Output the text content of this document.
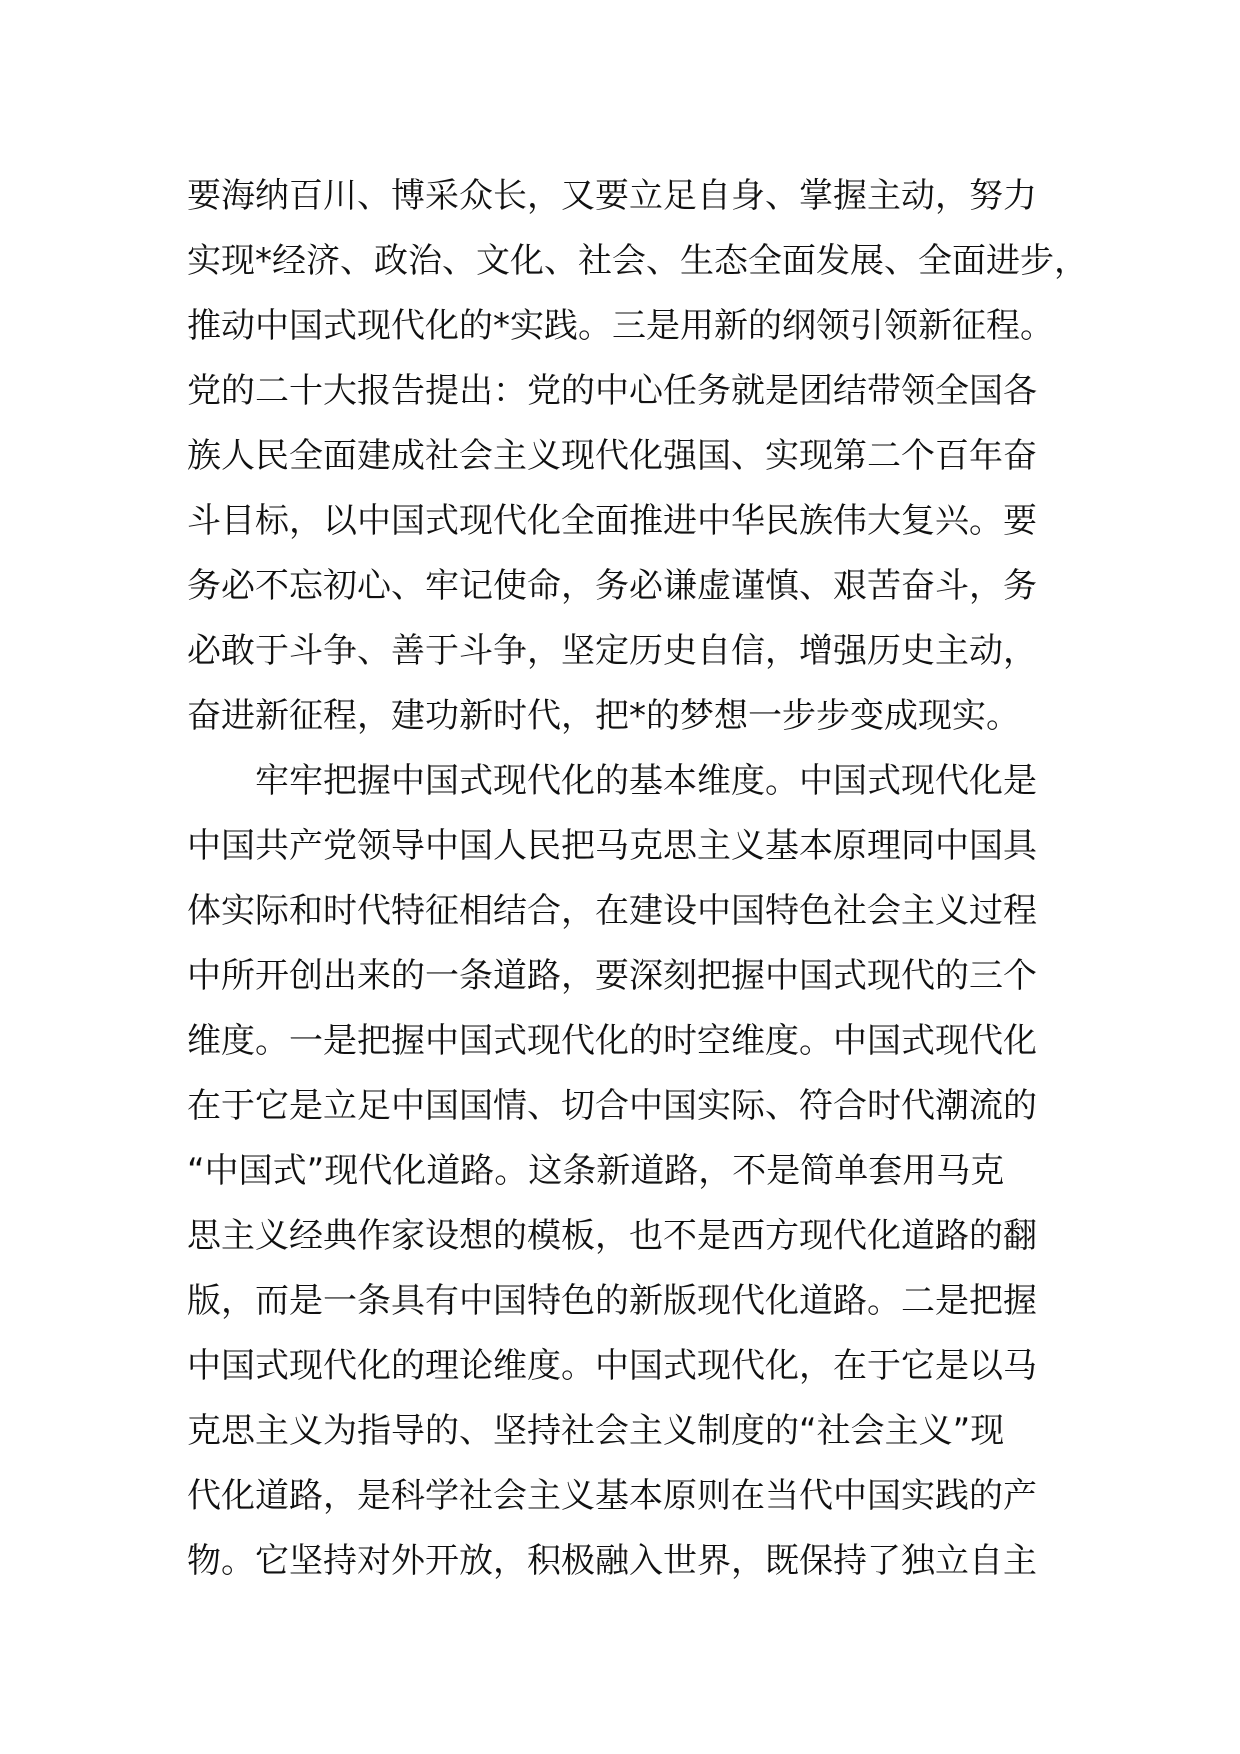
要海纳百川、博采众长，又要立足自身、掌握主动，努力
实现*经济、政治、文化、社会、生态全面发展、全面进步，
推动中国式现代化的*实践。三是用新的纲领引领新征程。
党的二十大报告提出：党的中心任务就是团结带领全国各
族人民全面建成社会主义现代化强国、实现第二个百年奋
斗目标，以中国式现代化全面推进中华民族伟大复兴。要
务必不忘初心、牢记使命，务必谦虚谨慎、艰苦奋斗，务
必敢于斗争、善于斗争，坚定历史自信，增强历史主动，
奋进新征程，建功新时代，把*的梦想一步步变成现实。
牢牢把握中国式现代化的基本维度。中国式现代化是
中国共产党领导中国人民把马克思主义基本原理同中国具
体实际和时代特征相结合，在建设中国特色社会主义过程
中所开创出来的一条道路，要深刻把握中国式现代的三个
维度。一是把握中国式现代化的时空维度。中国式现代化
在于它是立足中国国情、切合中国实际、符合时代潮流的
“中国式”现代化道路。这条新道路，不是简单套用马克
思主义经典作家设想的模板，也不是西方现代化道路的翻
版，而是一条具有中国特色的新版现代化道路。二是把握
中国式现代化的理论维度。中国式现代化，在于它是以马
克思主义为指导的、坚持社会主义制度的“社会主义”现
代化道路，是科学社会主义基本原则在当代中国实践的产
物。它坚持对外开放，积极融入世界，既保持了独立自主
